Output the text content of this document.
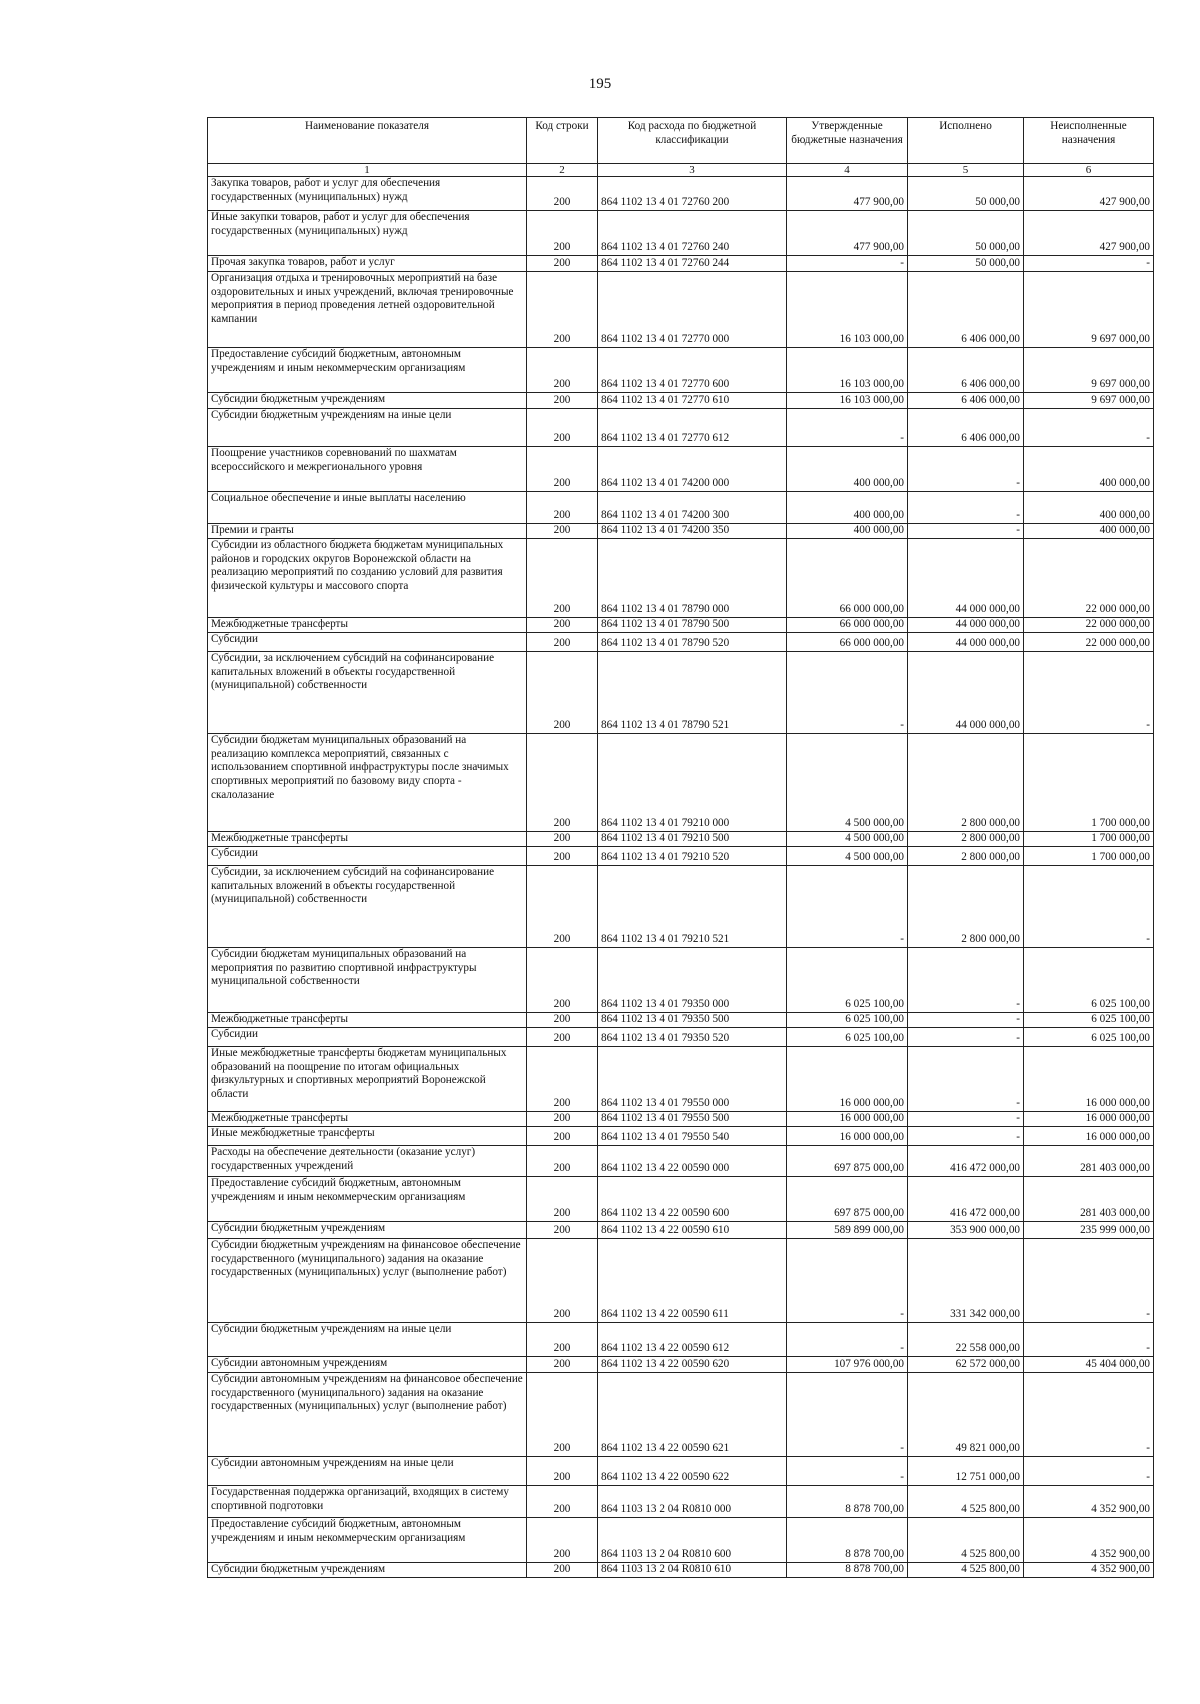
195
Наименование показателя	Код строки	Код расхода по бюджетной классификации	Утвержденные бюджетные назначения	Исполнено	Неисполненные назначения
1	2	3	4	5	6
Закупка товаров, работ и услуг для обеспечения государственных (муниципальных) нужд	200	864 1102 13 4 01 72760 200	477 900,00	50 000,00	427 900,00
Иные закупки товаров, работ и услуг для обеспечения государственных (муниципальных) нужд	200	864 1102 13 4 01 72760 240	477 900,00	50 000,00	427 900,00
Прочая закупка товаров, работ и услуг	200	864 1102 13 4 01 72760 244	-	50 000,00	-
Организация отдыха и тренировочных мероприятий на базе оздоровительных и иных учреждений, включая тренировочные мероприятия в период проведения летней оздоровительной кампании	200	864 1102 13 4 01 72770 000	16 103 000,00	6 406 000,00	9 697 000,00
Предоставление субсидий бюджетным, автономным учреждениям и иным некоммерческим организациям	200	864 1102 13 4 01 72770 600	16 103 000,00	6 406 000,00	9 697 000,00
Субсидии бюджетным учреждениям	200	864 1102 13 4 01 72770 610	16 103 000,00	6 406 000,00	9 697 000,00
Субсидии бюджетным учреждениям на иные цели	200	864 1102 13 4 01 72770 612	-	6 406 000,00	-
Поощрение участников соревнований по шахматам всероссийского и межрегионального уровня	200	864 1102 13 4 01 74200 000	400 000,00	-	400 000,00
Социальное обеспечение и иные выплаты населению	200	864 1102 13 4 01 74200 300	400 000,00	-	400 000,00
Премии и гранты	200	864 1102 13 4 01 74200 350	400 000,00	-	400 000,00
Субсидии из областного бюджета бюджетам муниципальных районов и городских округов Воронежской области на реализацию мероприятий по созданию условий для развития физической культуры и массового спорта	200	864 1102 13 4 01 78790 000	66 000 000,00	44 000 000,00	22 000 000,00
Межбюджетные трансферты	200	864 1102 13 4 01 78790 500	66 000 000,00	44 000 000,00	22 000 000,00
Субсидии	200	864 1102 13 4 01 78790 520	66 000 000,00	44 000 000,00	22 000 000,00
Субсидии, за исключением субсидий на софинансирование капитальных вложений в объекты государственной (муниципальной) собственности	200	864 1102 13 4 01 78790 521	-	44 000 000,00	-
Субсидии бюджетам муниципальных образований на реализацию комплекса мероприятий, связанных с использованием спортивной инфраструктуры после значимых спортивных мероприятий по базовому виду спорта - скалолазание	200	864 1102 13 4 01 79210 000	4 500 000,00	2 800 000,00	1 700 000,00
Межбюджетные трансферты	200	864 1102 13 4 01 79210 500	4 500 000,00	2 800 000,00	1 700 000,00
Субсидии	200	864 1102 13 4 01 79210 520	4 500 000,00	2 800 000,00	1 700 000,00
Субсидии, за исключением субсидий на софинансирование капитальных вложений в объекты государственной (муниципальной) собственности	200	864 1102 13 4 01 79210 521	-	2 800 000,00	-
Субсидии бюджетам муниципальных образований на мероприятия по развитию спортивной инфраструктуры муниципальной собственности	200	864 1102 13 4 01 79350 000	6 025 100,00	-	6 025 100,00
Межбюджетные трансферты	200	864 1102 13 4 01 79350 500	6 025 100,00	-	6 025 100,00
Субсидии	200	864 1102 13 4 01 79350 520	6 025 100,00	-	6 025 100,00
Иные межбюджетные трансферты бюджетам муниципальных образований на поощрение по итогам официальных физкультурных и спортивных мероприятий Воронежской области	200	864 1102 13 4 01 79550 000	16 000 000,00	-	16 000 000,00
Межбюджетные трансферты	200	864 1102 13 4 01 79550 500	16 000 000,00	-	16 000 000,00
Иные межбюджетные трансферты	200	864 1102 13 4 01 79550 540	16 000 000,00	-	16 000 000,00
Расходы на обеспечение деятельности (оказание услуг) государственных учреждений	200	864 1102 13 4 22 00590 000	697 875 000,00	416 472 000,00	281 403 000,00
Предоставление субсидий бюджетным, автономным учреждениям и иным некоммерческим организациям	200	864 1102 13 4 22 00590 600	697 875 000,00	416 472 000,00	281 403 000,00
Субсидии бюджетным учреждениям	200	864 1102 13 4 22 00590 610	589 899 000,00	353 900 000,00	235 999 000,00
Субсидии бюджетным учреждениям на финансовое обеспечение государственного (муниципального) задания на оказание государственных (муниципальных) услуг (выполнение работ)	200	864 1102 13 4 22 00590 611	-	331 342 000,00	-
Субсидии бюджетным учреждениям на иные цели	200	864 1102 13 4 22 00590 612	-	22 558 000,00	-
Субсидии автономным учреждениям	200	864 1102 13 4 22 00590 620	107 976 000,00	62 572 000,00	45 404 000,00
Субсидии автономным учреждениям на финансовое обеспечение государственного (муниципального) задания на оказание государственных (муниципальных) услуг (выполнение работ)	200	864 1102 13 4 22 00590 621	-	49 821 000,00	-
Субсидии автономным учреждениям на иные цели	200	864 1102 13 4 22 00590 622	-	12 751 000,00	-
Государственная поддержка организаций, входящих в систему спортивной подготовки	200	864 1103 13 2 04 R0810 000	8 878 700,00	4 525 800,00	4 352 900,00
Предоставление субсидий бюджетным, автономным учреждениям и иным некоммерческим организациям	200	864 1103 13 2 04 R0810 600	8 878 700,00	4 525 800,00	4 352 900,00
Субсидии бюджетным учреждениям	200	864 1103 13 2 04 R0810 610	8 878 700,00	4 525 800,00	4 352 900,00
